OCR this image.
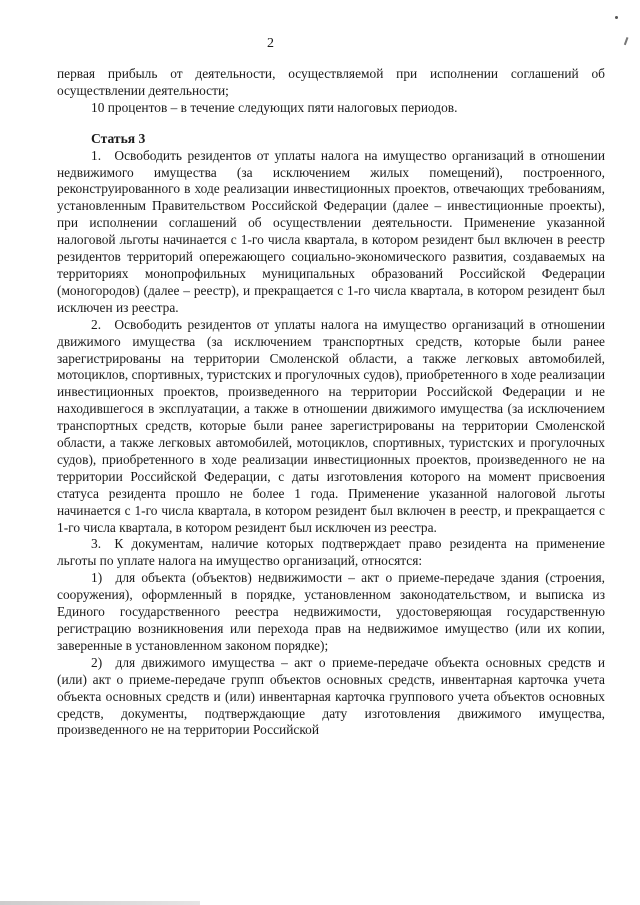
2

первая прибыль от деятельности, осуществляемой при исполнении соглашений об осуществлении деятельности;

10 процентов – в течение следующих пяти налоговых периодов.

Статья 3

1. Освободить резидентов от уплаты налога на имущество организаций в отношении недвижимого имущества (за исключением жилых помещений), построенного, реконструированного в ходе реализации инвестиционных проектов, отвечающих требованиям, установленным Правительством Российской Федерации (далее – инвестиционные проекты), при исполнении соглашений об осуществлении деятельности. Применение указанной налоговой льготы начинается с 1-го числа квартала, в котором резидент был включен в реестр резидентов территорий опережающего социально-экономического развития, создаваемых на территориях монопрофильных муниципальных образований Российской Федерации (моногородов) (далее – реестр), и прекращается с 1-го числа квартала, в котором резидент был исключен из реестра.

2. Освободить резидентов от уплаты налога на имущество организаций в отношении движимого имущества (за исключением транспортных средств, которые были ранее зарегистрированы на территории Смоленской области, а также легковых автомобилей, мотоциклов, спортивных, туристских и прогулочных судов), приобретенного в ходе реализации инвестиционных проектов, произведенного на территории Российской Федерации и не находившегося в эксплуатации, а также в отношении движимого имущества (за исключением транспортных средств, которые были ранее зарегистрированы на территории Смоленской области, а также легковых автомобилей, мотоциклов, спортивных, туристских и прогулочных судов), приобретенного в ходе реализации инвестиционных проектов, произведенного не на территории Российской Федерации, с даты изготовления которого на момент присвоения статуса резидента прошло не более 1 года. Применение указанной налоговой льготы начинается с 1-го числа квартала, в котором резидент был включен в реестр, и прекращается с 1-го числа квартала, в котором резидент был исключен из реестра.

3. К документам, наличие которых подтверждает право резидента на применение льготы по уплате налога на имущество организаций, относятся:

1) для объекта (объектов) недвижимости – акт о приеме-передаче здания (строения, сооружения), оформленный в порядке, установленном законодательством, и выписка из Единого государственного реестра недвижимости, удостоверяющая государственную регистрацию возникновения или перехода прав на недвижимое имущество (или их копии, заверенные в установленном законом порядке);

2) для движимого имущества – акт о приеме-передаче объекта основных средств и (или) акт о приеме-передаче групп объектов основных средств, инвентарная карточка учета объекта основных средств и (или) инвентарная карточка группового учета объектов основных средств, документы, подтверждающие дату изготовления движимого имущества, произведенного не на территории Российской
